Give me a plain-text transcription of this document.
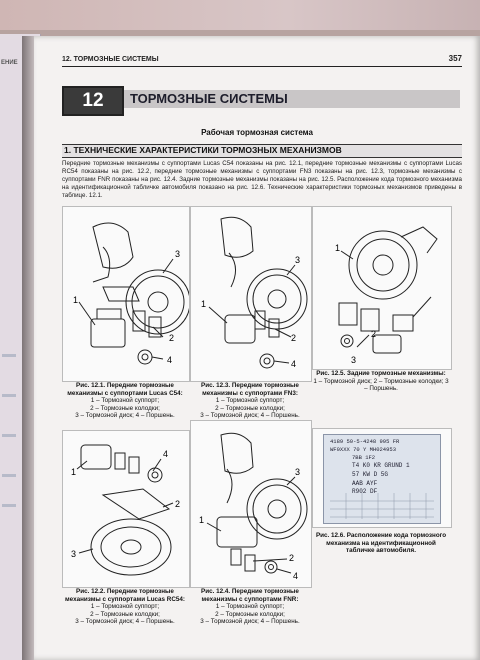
ЕНИЕ	12. ТОРМОЗНЫЕ СИСТЕМЫ	357
12	ТОРМОЗНЫЕ СИСТЕМЫ
Рабочая тормозная система
1. ТЕХНИЧЕСКИЕ ХАРАКТЕРИСТИКИ ТОРМОЗНЫХ МЕХАНИЗМОВ
Передние тормозные механизмы с суппортами Lucas C54 показаны на рис. 12.1, передние тормозные механизмы с суппортами Lucas RC54 показаны на рис. 12.2, передние тормозные механизмы с суппортами FN3 показаны на рис. 12.3, тормозные механизмы с суппортами FNR показаны на рис. 12.4. Задние тормозные механизмы показаны на рис. 12.5. Расположение кода тормозного механизма на идентификационной табличке автомобиля показано на рис. 12.6. Технические характеристики тормозных механизмов приведены в таблице. 12.1.
1
2
3
4
Рис. 12.1. Передние тормозные механизмы с суппортами Lucas C54:
1 – Тормозной суппорт;
2 – Тормозные колодки;
3 – Тормозной диск; 4 – Поршень.
1
2
3
4
Рис. 12.3. Передние тормозные механизмы с суппортами FN3:
1 – Тормозной суппорт;
2 – Тормозные колодки;
3 – Тормозной диск; 4 – Поршень.
1
2
3
Рис. 12.5. Задние тормозные механизмы:
1 – Тормозной диск; 2 – Тормозные колодки; 3 – Поршень.
1
2
3
4
Рис. 12.2. Передние тормозные механизмы с суппортами Lucas RC54:
1 – Тормозной суппорт;
2 – Тормозные колодки;
3 – Тормозной диск; 4 – Поршень.
1
2
3
4
Рис. 12.4. Передние тормозные механизмы с суппортами FNR:
1 – Тормозной суппорт;
2 – Тормозные колодки;
3 – Тормозной диск; 4 – Поршень.
4189 50-5-4248 995 FR
WF0XXX 70 Y MH024953
7BB 1F2
T4 K0 KR GRUND 1
57 KW D 5G
AAB AYF
R902 DF
Рис. 12.6. Расположение кода тормозного механизма на идентификационной табличке автомобиля.
